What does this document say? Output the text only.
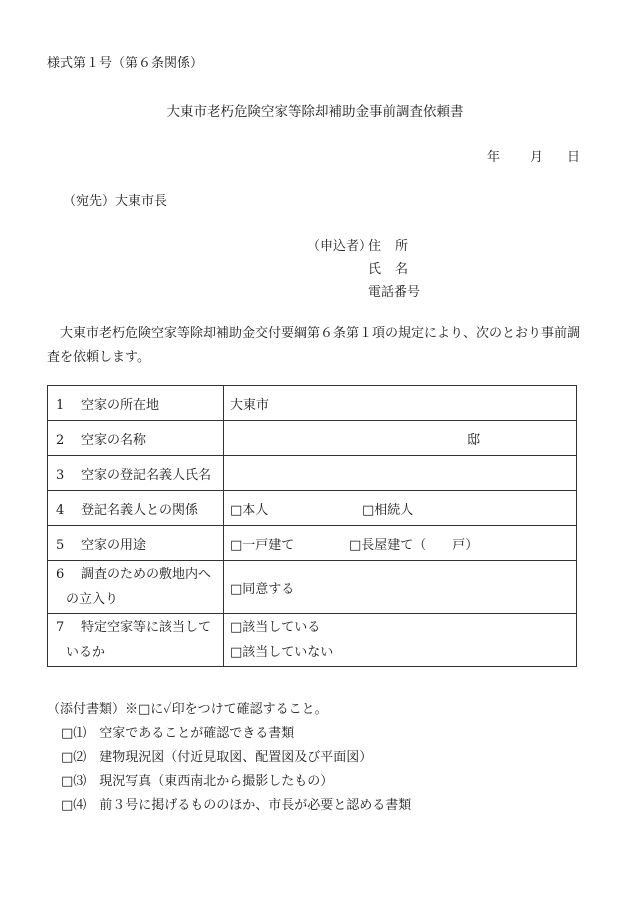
様式第１号（第６条関係）
大東市老朽危険空家等除却補助金事前調査依頼書
年 月 日
（宛先）大東市長
（申込者）
住所
氏名
電話番号
大東市老朽危険空家等除却補助金交付要綱第６条第１項の規定により、次のとおり事前調査を依頼します。
1 空家の所在地	大東市
2 空家の名称	邸
3 空家の登記名義人氏名	
4 登記名義人との関係	□本人 □相続人
5 空家の用途	□一戸建て □長屋建て（　　戸）
6 調査のための敷地内へ
の立入り	□同意する
7 特定空家等に該当して
いるか	□該当している
□該当していない
（添付書類）※□に✓印をつけて確認すること。
□⑴　空家であることが確認できる書類
□⑵　建物現況図（付近見取図、配置図及び平面図）
□⑶　現況写真（東西南北から撮影したもの）
□⑷　前３号に掲げるもののほか、市長が必要と認める書類
